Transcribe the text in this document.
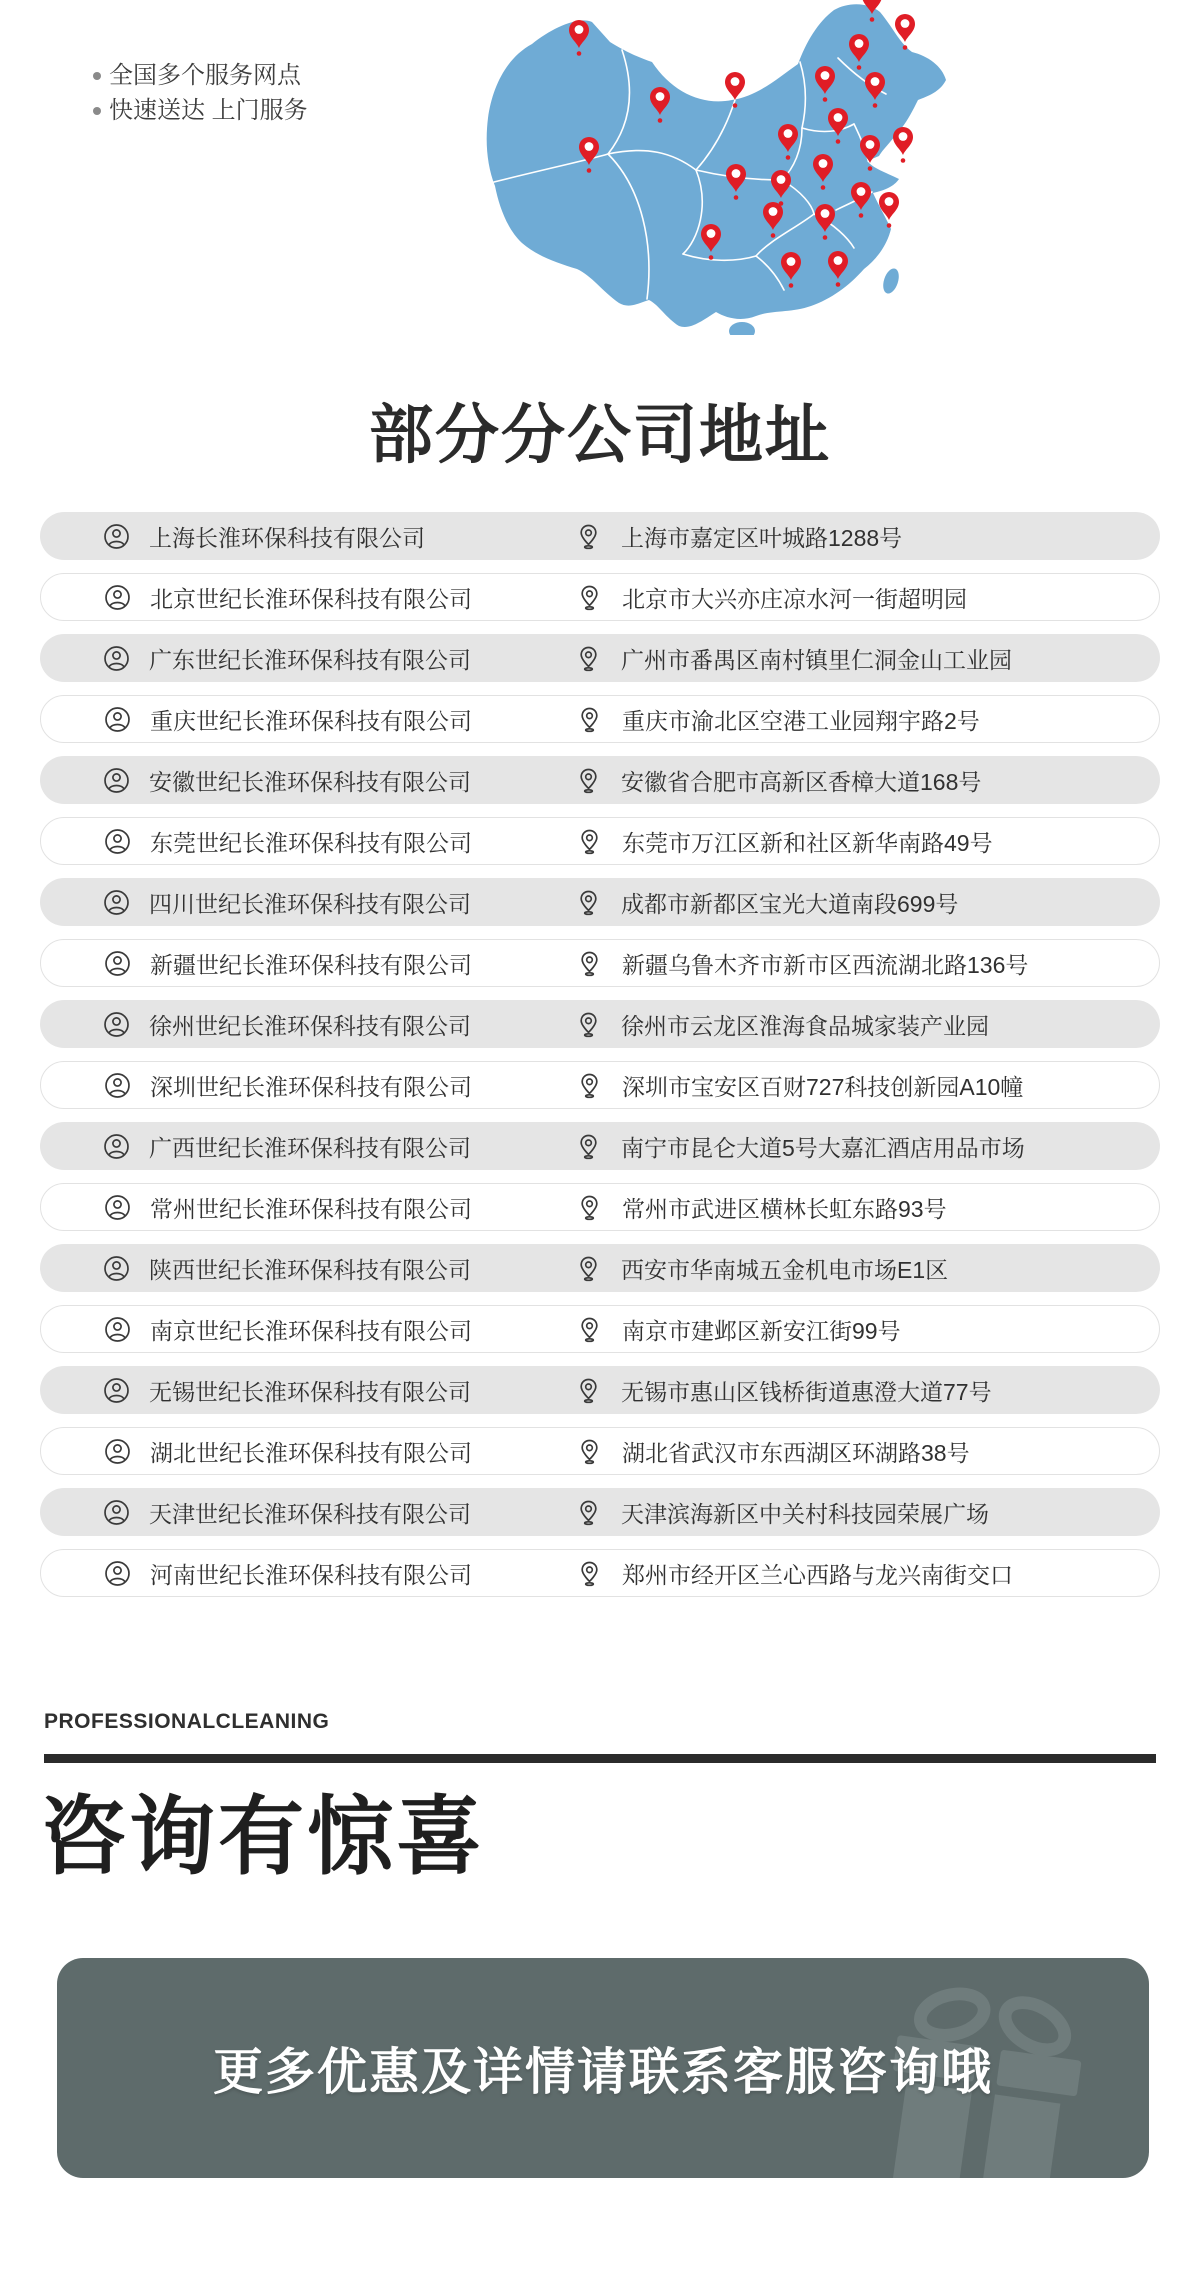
全国多个服务网点
快速送达 上门服务
部分分公司地址
上海长淮环保科技有限公司	上海市嘉定区叶城路1288号
北京世纪长淮环保科技有限公司	北京市大兴亦庄凉水河一街超明园
广东世纪长淮环保科技有限公司	广州市番禺区南村镇里仁洞金山工业园
重庆世纪长淮环保科技有限公司	重庆市渝北区空港工业园翔宇路2号
安徽世纪长淮环保科技有限公司	安徽省合肥市高新区香樟大道168号
东莞世纪长淮环保科技有限公司	东莞市万江区新和社区新华南路49号
四川世纪长淮环保科技有限公司	成都市新都区宝光大道南段699号
新疆世纪长淮环保科技有限公司	新疆乌鲁木齐市新市区西流湖北路136号
徐州世纪长淮环保科技有限公司	徐州市云龙区淮海食品城家装产业园
深圳世纪长淮环保科技有限公司	深圳市宝安区百财727科技创新园A10幢
广西世纪长淮环保科技有限公司	南宁市昆仑大道5号大嘉汇酒店用品市场
常州世纪长淮环保科技有限公司	常州市武进区横林长虹东路93号
陕西世纪长淮环保科技有限公司	西安市华南城五金机电市场E1区
南京世纪长淮环保科技有限公司	南京市建邺区新安江街99号
无锡世纪长淮环保科技有限公司	无锡市惠山区钱桥街道惠澄大道77号
湖北世纪长淮环保科技有限公司	湖北省武汉市东西湖区环湖路38号
天津世纪长淮环保科技有限公司	天津滨海新区中关村科技园荣展广场
河南世纪长淮环保科技有限公司	郑州市经开区兰心西路与龙兴南街交口

PROFESSIONALCLEANING

咨询有惊喜
更多优惠及详情请联系客服咨询哦
